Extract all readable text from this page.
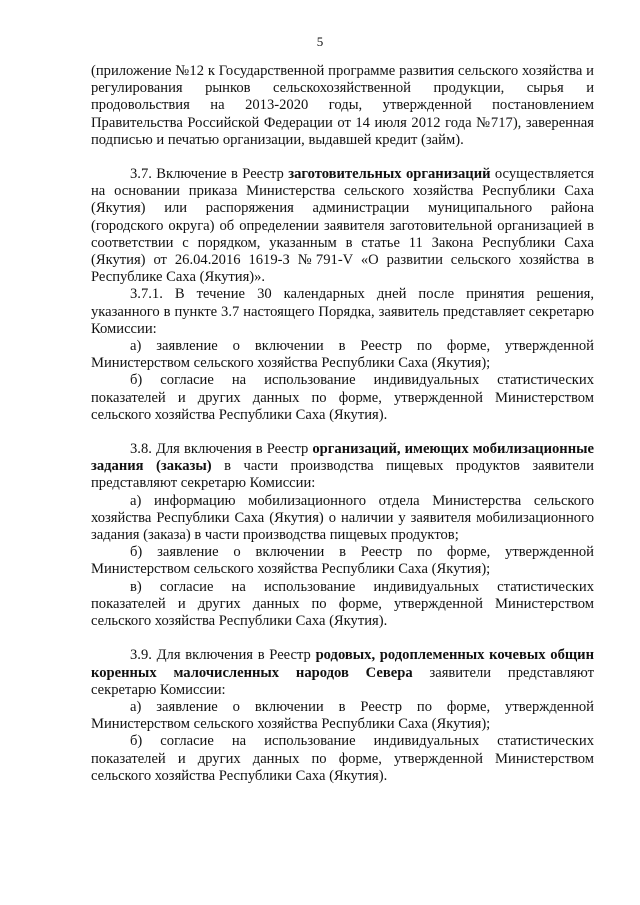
5

(приложение №12 к Государственной программе развития сельского хозяйства и регулирования рынков сельскохозяйственной продукции, сырья и продовольствия на 2013-2020 годы, утвержденной постановлением Правительства Российской Федерации от 14 июля 2012 года №717), заверенная подписью и печатью организации, выдавшей кредит (займ).

3.7. Включение в Реестр заготовительных организаций осуществляется на основании приказа Министерства сельского хозяйства Республики Саха (Якутия) или распоряжения администрации муниципального района (городского округа) об определении заявителя заготовительной организацией в соответствии с порядком, указанным в статье 11 Закона Республики Саха (Якутия) от 26.04.2016 1619-З №791-V «О развитии сельского хозяйства в Республике Саха (Якутия)».

3.7.1. В течение 30 календарных дней после принятия решения, указанного в пункте 3.7 настоящего Порядка, заявитель представляет секретарю Комиссии:

а) заявление о включении в Реестр по форме, утвержденной Министерством сельского хозяйства Республики Саха (Якутия);

б) согласие на использование индивидуальных статистических показателей и других данных по форме, утвержденной Министерством сельского хозяйства Республики Саха (Якутия).

3.8. Для включения в Реестр организаций, имеющих мобилизационные задания (заказы) в части производства пищевых продуктов заявители представляют секретарю Комиссии:

а) информацию мобилизационного отдела Министерства сельского хозяйства Республики Саха (Якутия) о наличии у заявителя мобилизационного задания (заказа) в части производства пищевых продуктов;

б) заявление о включении в Реестр по форме, утвержденной Министерством сельского хозяйства Республики Саха (Якутия);

в) согласие на использование индивидуальных статистических показателей и других данных по форме, утвержденной Министерством сельского хозяйства Республики Саха (Якутия).

3.9. Для включения в Реестр родовых, родоплеменных кочевых общин коренных малочисленных народов Севера заявители представляют секретарю Комиссии:

а) заявление о включении в Реестр по форме, утвержденной Министерством сельского хозяйства Республики Саха (Якутия);

б) согласие на использование индивидуальных статистических показателей и других данных по форме, утвержденной Министерством сельского хозяйства Республики Саха (Якутия).
